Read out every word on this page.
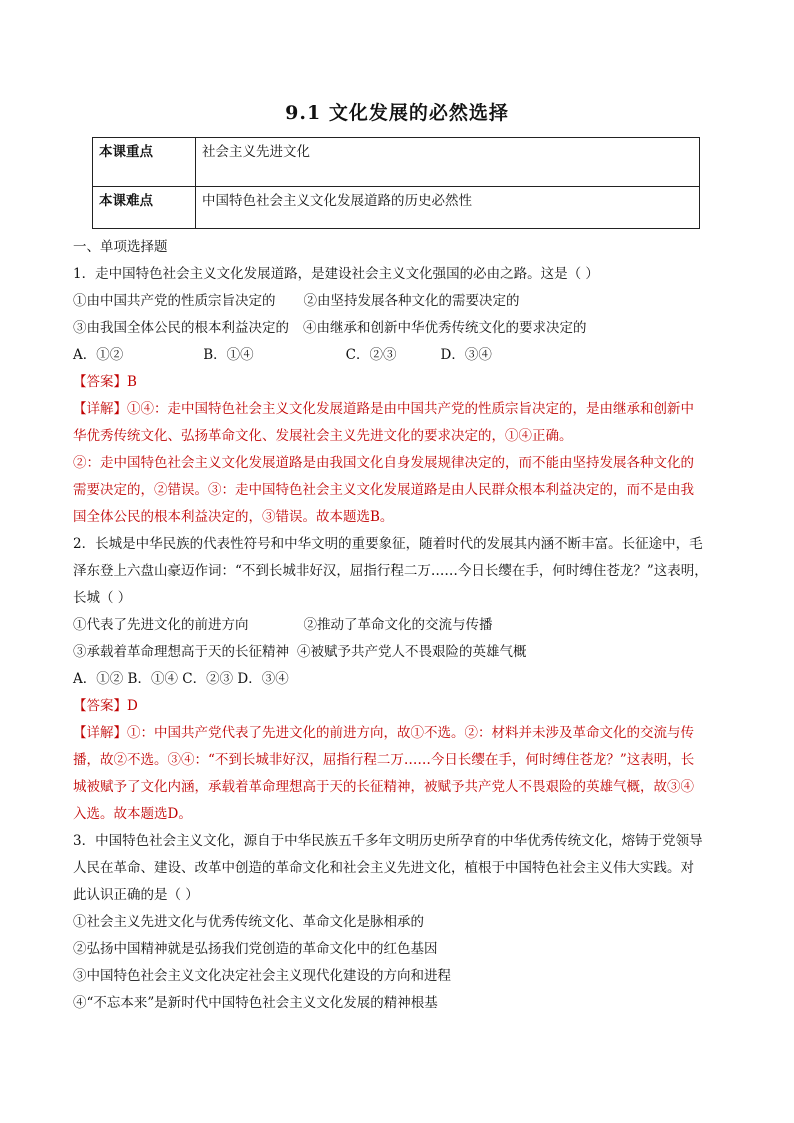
9.1 文化发展的必然选择
本课重点	社会主义先进文化
本课难点	中国特色社会主义文化发展道路的历史必然性
一、单项选择题
1．走中国特色社会主义文化发展道路，是建设社会主义文化强国的必由之路。这是（ ）
①由中国共产党的性质宗旨决定的 ②由坚持发展各种文化的需要决定的
③由我国全体公民的根本利益决定的 ④由继承和创新中华优秀传统文化的要求决定的
A．①②	B．①④	C．②③	D．③④
【答案】B
【详解】①④：走中国特色社会主义文化发展道路是由中国共产党的性质宗旨决定的，是由继承和创新中
华优秀传统文化、弘扬革命文化、发展社会主义先进文化的要求决定的，①④正确。
②：走中国特色社会主义文化发展道路是由我国文化自身发展规律决定的，而不能由坚持发展各种文化的
需要决定的，②错误。③：走中国特色社会主义文化发展道路是由人民群众根本利益决定的，而不是由我
国全体公民的根本利益决定的，③错误。故本题选B。
2．长城是中华民族的代表性符号和中华文明的重要象征，随着时代的发展其内涵不断丰富。长征途中，毛
泽东登上六盘山豪迈作词：“不到长城非好汉，屈指行程二万……今日长缨在手，何时缚住苍龙？”这表明，
长城（ ）
①代表了先进文化的前进方向	②推动了革命文化的交流与传播
③承载着革命理想高于天的长征精神 ④被赋予共产党人不畏艰险的英雄气概
A．①② B．①④ C．②③ D．③④
【答案】D
【详解】①：中国共产党代表了先进文化的前进方向，故①不选。②：材料并未涉及革命文化的交流与传
播，故②不选。③④：“不到长城非好汉，屈指行程二万……今日长缨在手，何时缚住苍龙？”这表明，长
城被赋予了文化内涵，承载着革命理想高于天的长征精神，被赋予共产党人不畏艰险的英雄气概，故③④
入选。故本题选D。
3．中国特色社会主义文化，源自于中华民族五千多年文明历史所孕育的中华优秀传统文化，熔铸于党领导
人民在革命、建设、改革中创造的革命文化和社会主义先进文化，植根于中国特色社会主义伟大实践。对
此认识正确的是（ ）
①社会主义先进文化与优秀传统文化、革命文化是脉相承的
②弘扬中国精神就是弘扬我们党创造的革命文化中的红色基因
③中国特色社会主义文化决定社会主义现代化建设的方向和进程
④“不忘本来”是新时代中国特色社会主义文化发展的精神根基
